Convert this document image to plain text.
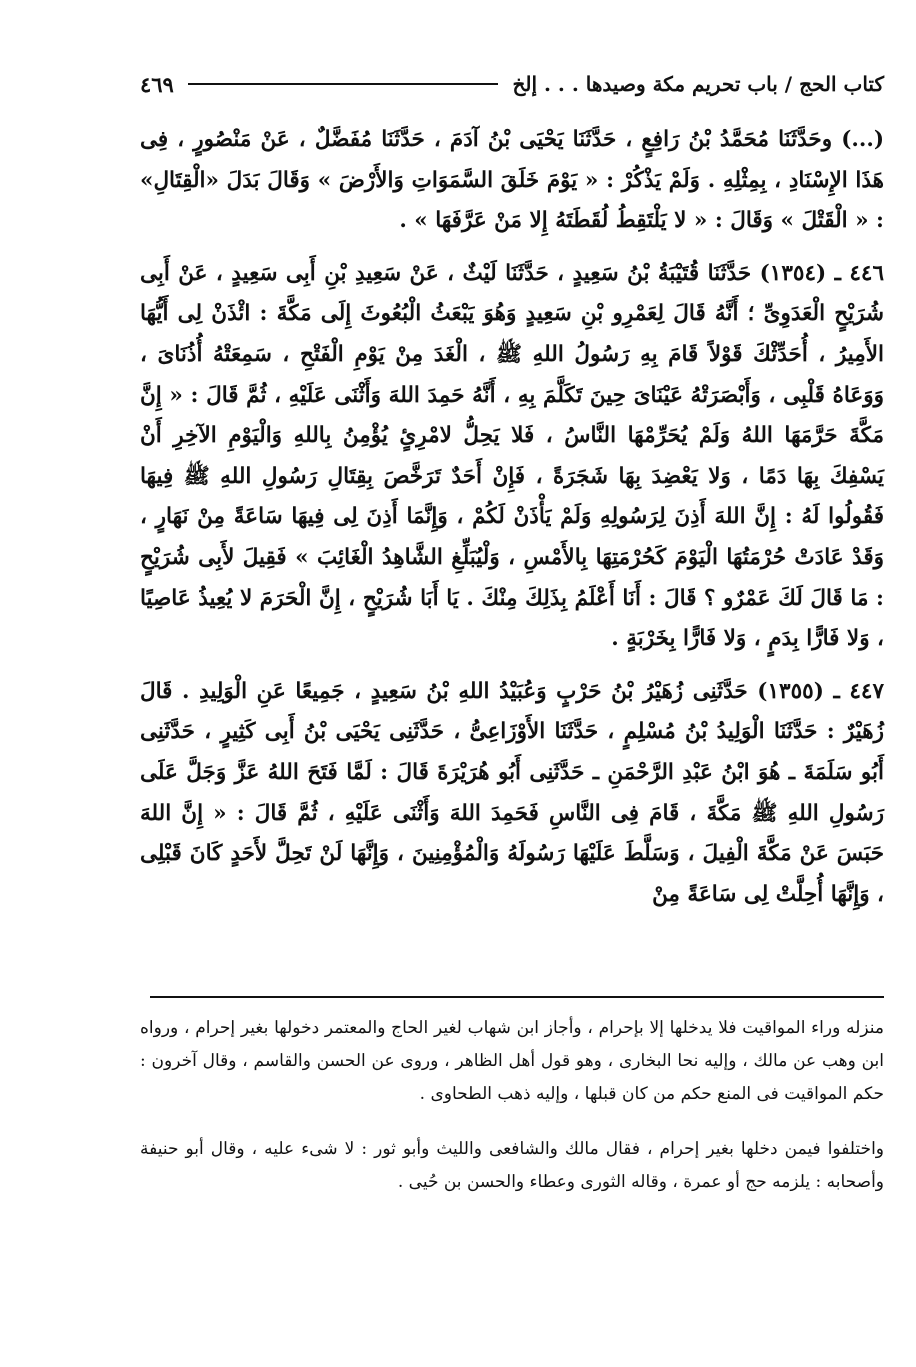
كتاب الحج / باب تحريم مكة وصيدها . . . إلخ
٤٦٩

(...) وحَدَّثَنَا مُحَمَّدُ بْنُ رَافِعٍ ، حَدَّثَنَا يَحْيَى بْنُ آدَمَ ، حَدَّثَنَا مُفَضَّلٌ ، عَنْ مَنْصُورٍ ، فِى هَذَا الإِسْنَادِ ، بِمِثْلِهِ . وَلَمْ يَذْكُرْ : « يَوْمَ خَلَقَ السَّمَوَاتِ وَالأَرْضَ » وَقَالَ بَدَلَ «الْقِتَالِ» : « الْقَتْلَ » وَقَالَ : « لا يَلْتَقِطُ لُقَطَتَهُ إِلا مَنْ عَرَّفَهَا » .

٤٤٦ ـ (١٣٥٤) حَدَّثَنَا قُتَيْبَةُ بْنُ سَعِيدٍ ، حَدَّثَنَا لَيْثٌ ، عَنْ سَعِيدِ بْنِ أَبِى سَعِيدٍ ، عَنْ أَبِى شُرَيْحٍ الْعَدَوِىِّ ؛ أَنَّهُ قَالَ لِعَمْرِو بْنِ سَعِيدٍ وَهُوَ يَبْعَثُ الْبُعُوثَ إِلَى مَكَّةَ : ائْذَنْ لِى أَيُّهَا الأَمِيرُ ، أُحَدِّثْكَ قَوْلاً قَامَ بِهِ رَسُولُ اللهِ ﷺ ، الْغَدَ مِنْ يَوْمِ الْفَتْحِ ، سَمِعَتْهُ أُذُنَاىَ ، وَوَعَاهُ قَلْبِى ، وَأَبْصَرَتْهُ عَيْنَاىَ حِينَ تَكَلَّمَ بِهِ ، أَنَّهُ حَمِدَ اللهَ وَأَثْنَى عَلَيْهِ ، ثُمَّ قَالَ : « إِنَّ مَكَّةَ حَرَّمَهَا اللهُ وَلَمْ يُحَرِّمْهَا النَّاسُ ، فَلا يَحِلُّ لامْرِئٍ يُؤْمِنُ بِاللهِ وَالْيَوْمِ الآخِرِ أَنْ يَسْفِكَ بِهَا دَمًا ، وَلا يَعْضِدَ بِهَا شَجَرَةً ، فَإِنْ أَحَدٌ تَرَخَّصَ بِقِتَالِ رَسُولِ اللهِ ﷺ فِيهَا فَقُولُوا لَهُ : إِنَّ اللهَ أَذِنَ لِرَسُولِهِ وَلَمْ يَأْذَنْ لَكُمْ ، وَإِنَّمَا أَذِنَ لِى فِيهَا سَاعَةً مِنْ نَهَارٍ ، وَقَدْ عَادَتْ حُرْمَتُهَا الْيَوْمَ كَحُرْمَتِهَا بِالأَمْسِ ، وَلْيُبَلِّغِ الشَّاهِدُ الْغَائِبَ » فَقِيلَ لأَبِى شُرَيْحٍ : مَا قَالَ لَكَ عَمْرٌو ؟ قَالَ : أَنَا أَعْلَمُ بِذَلِكَ مِنْكَ . يَا أَبَا شُرَيْحٍ ، إِنَّ الْحَرَمَ لا يُعِيذُ عَاصِيًا ، وَلا فَارًّا بِدَمٍ ، وَلا فَارًّا بِخَرْبَةٍ .

٤٤٧ ـ (١٣٥٥) حَدَّثَنِى زُهَيْرُ بْنُ حَرْبٍ وَعُبَيْدُ اللهِ بْنُ سَعِيدٍ ، جَمِيعًا عَنِ الْوَلِيدِ . قَالَ زُهَيْرٌ : حَدَّثَنَا الْوَلِيدُ بْنُ مُسْلِمٍ ، حَدَّثَنَا الأَوْزَاعِىُّ ، حَدَّثَنِى يَحْيَى بْنُ أَبِى كَثِيرٍ ، حَدَّثَنِى أَبُو سَلَمَةَ ـ هُوَ ابْنُ عَبْدِ الرَّحْمَنِ ـ حَدَّثَنِى أَبُو هُرَيْرَةَ قَالَ : لَمَّا فَتَحَ اللهُ عَزَّ وَجَلَّ عَلَى رَسُولِ اللهِ ﷺ مَكَّةَ ، قَامَ فِى النَّاسِ فَحَمِدَ اللهَ وَأَثْنَى عَلَيْهِ ، ثُمَّ قَالَ : « إِنَّ اللهَ حَبَسَ عَنْ مَكَّةَ الْفِيلَ ، وَسَلَّطَ عَلَيْهَا رَسُولَهُ وَالْمُؤْمِنِينَ ، وَإِنَّهَا لَنْ تَحِلَّ لأَحَدٍ كَانَ قَبْلِى ، وَإِنَّهَا أُحِلَّتْ لِى سَاعَةً مِنْ

منزله وراء المواقيت فلا يدخلها إلا بإحرام ، وأجاز ابن شهاب لغير الحاج والمعتمر دخولها بغير إحرام ، ورواه ابن وهب عن مالك ، وإليه نحا البخارى ، وهو قول أهل الظاهر ، وروى عن الحسن والقاسم ، وقال آخرون : حكم المواقيت فى المنع حكم من كان قبلها ، وإليه ذهب الطحاوى .

واختلفوا فيمن دخلها بغير إحرام ، فقال مالك والشافعى والليث وأبو ثور : لا شىء عليه ، وقال أبو حنيفة وأصحابه : يلزمه حج أو عمرة ، وقاله الثورى وعطاء والحسن بن حُيى .
